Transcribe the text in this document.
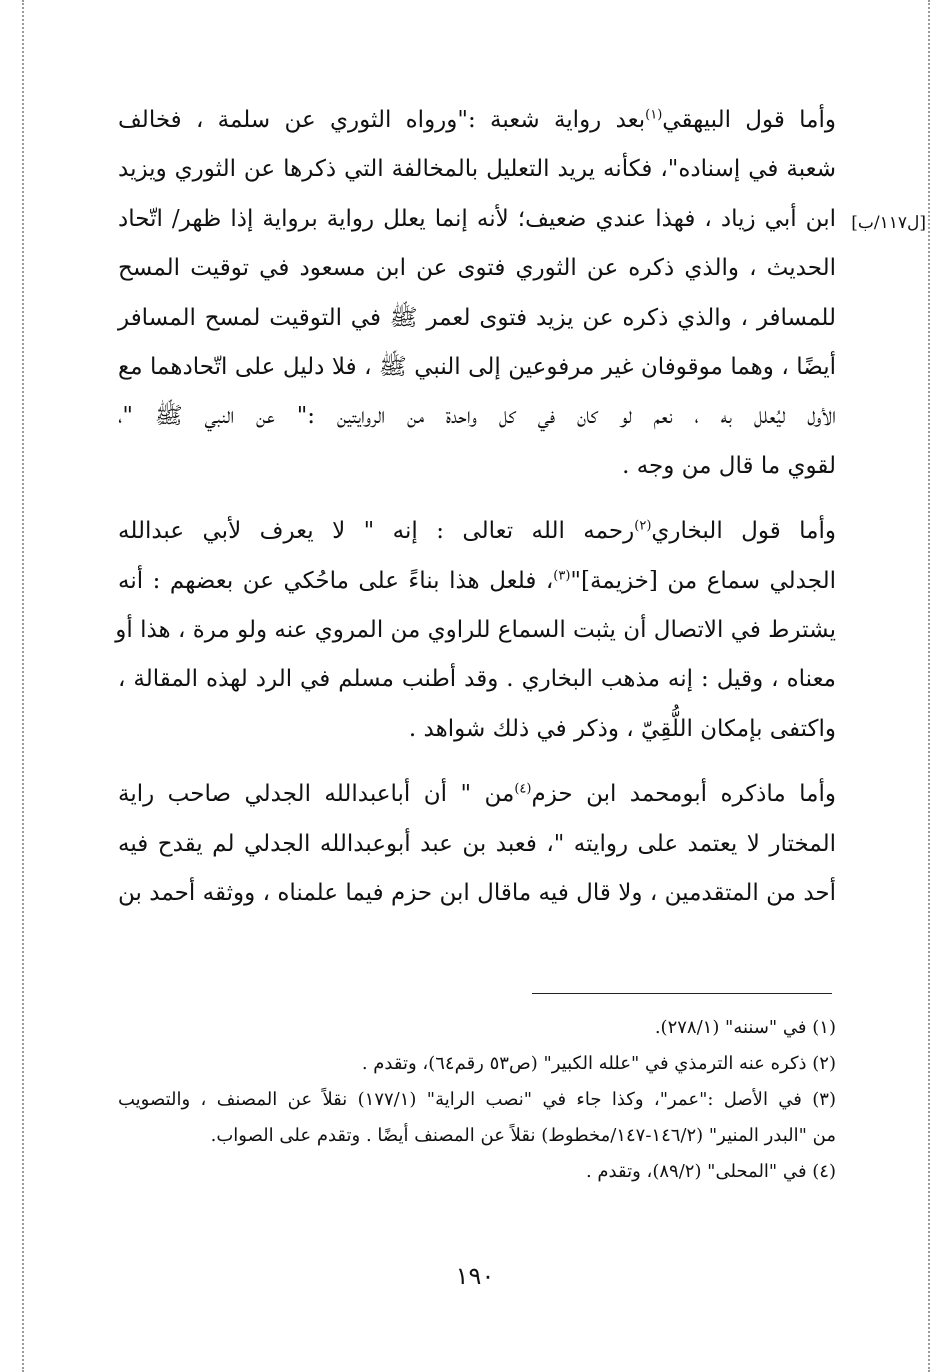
[ل١١٧/ب]
وأما قول البيهقي$^{(١)}$بعد رواية شعبة :"ورواه الثوري عن سلمة ، فخالف
شعبة في إسناده"، فكأنه يريد التعليل بالمخالفة التي ذكرها عن الثوري ويزيد
ابن أبي زياد ، فهذا عندي ضعيف؛ لأنه إنما يعلل رواية برواية إذا ظهر/ اتّحاد
الحديث ، والذي ذكره عن الثوري فتوى عن ابن مسعود في توقيت المسح
للمسافر ، والذي ذكره عن يزيد فتوى لعمر ﷺ في التوقيت لمسح المسافر
أيضًا ، وهما موقوفان غير مرفوعين إلى النبي ﷺ ، فلا دليل على اتّحادهما مع
الأول ليُعلل به ، نعم لو كان في كل واحدة من الروايتين :" عن النبي ﷺ "،
لقوي ما قال من وجه .
وأما قول البخاري$^{(٢)}$رحمه الله تعالى : إنه " لا يعرف لأبي عبدالله
الجدلي سماع من [خزيمة]"$^{(٣)}$، فلعل هذا بناءً على ماحُكي عن بعضهم : أنه
يشترط في الاتصال أن يثبت السماع للراوي من المروي عنه ولو مرة ، هذا أو
معناه ، وقيل : إنه مذهب البخاري . وقد أطنب مسلم في الرد لهذه المقالة ،
واكتفى بإمكان اللُّقِيّ ، وذكر في ذلك شواهد .
وأما ماذكره أبومحمد ابن حزم$^{(٤)}$من " أن أباعبدالله الجدلي صاحب راية
المختار لا يعتمد على روايته "، فعبد بن عبد أبوعبدالله الجدلي لم يقدح فيه
أحد من المتقدمين ، ولا قال فيه ماقال ابن حزم فيما علمناه ، ووثقه أحمد بن
(١) في "سننه" (٢٧٨/١).
(٢) ذكره عنه الترمذي في "علله الكبير" (ص٥٣ رقم٦٤)، وتقدم .
(٣) في الأصل :"عمر"، وكذا جاء في "نصب الراية" (١٧٧/١) نقلاً عن المصنف ، والتصويب
من "البدر المنير" (١٤٦/٢-١٤٧/مخطوط) نقلاً عن المصنف أيضًا . وتقدم على الصواب.
(٤) في "المحلى" (٨٩/٢)، وتقدم .
١٩٠
